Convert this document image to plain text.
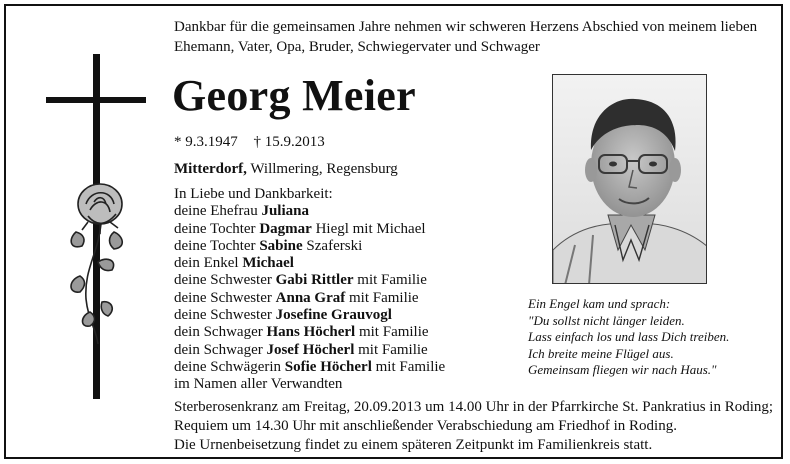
Dankbar für die gemeinsamen Jahre nehmen wir schweren Herzens Abschied von meinem lieben
Ehemann, Vater, Opa, Bruder, Schwiegervater und Schwager
Georg Meier
* 9.3.1947 † 15.9.2013
Mitterdorf, Willmering, Regensburg
In Liebe und Dankbarkeit:
deine Ehefrau Juliana
deine Tochter Dagmar Hiegl mit Michael
deine Tochter Sabine Szaferski
dein Enkel Michael
deine Schwester Gabi Rittler mit Familie
deine Schwester Anna Graf mit Familie
deine Schwester Josefine Grauvogl
dein Schwager Hans Höcherl mit Familie
dein Schwager Josef Höcherl mit Familie
deine Schwägerin Sofie Höcherl mit Familie
im Namen aller Verwandten
Ein Engel kam und sprach:
"Du sollst nicht länger leiden.
Lass einfach los und lass Dich treiben.
Ich breite meine Flügel aus.
Gemeinsam fliegen wir nach Haus."
Sterberosenkranz am Freitag, 20.09.2013 um 14.00 Uhr in der Pfarrkirche St. Pankratius in Roding;
Requiem um 14.30 Uhr mit anschließender Verabschiedung am Friedhof in Roding.
Die Urnenbeisetzung findet zu einem späteren Zeitpunkt im Familienkreis statt.
